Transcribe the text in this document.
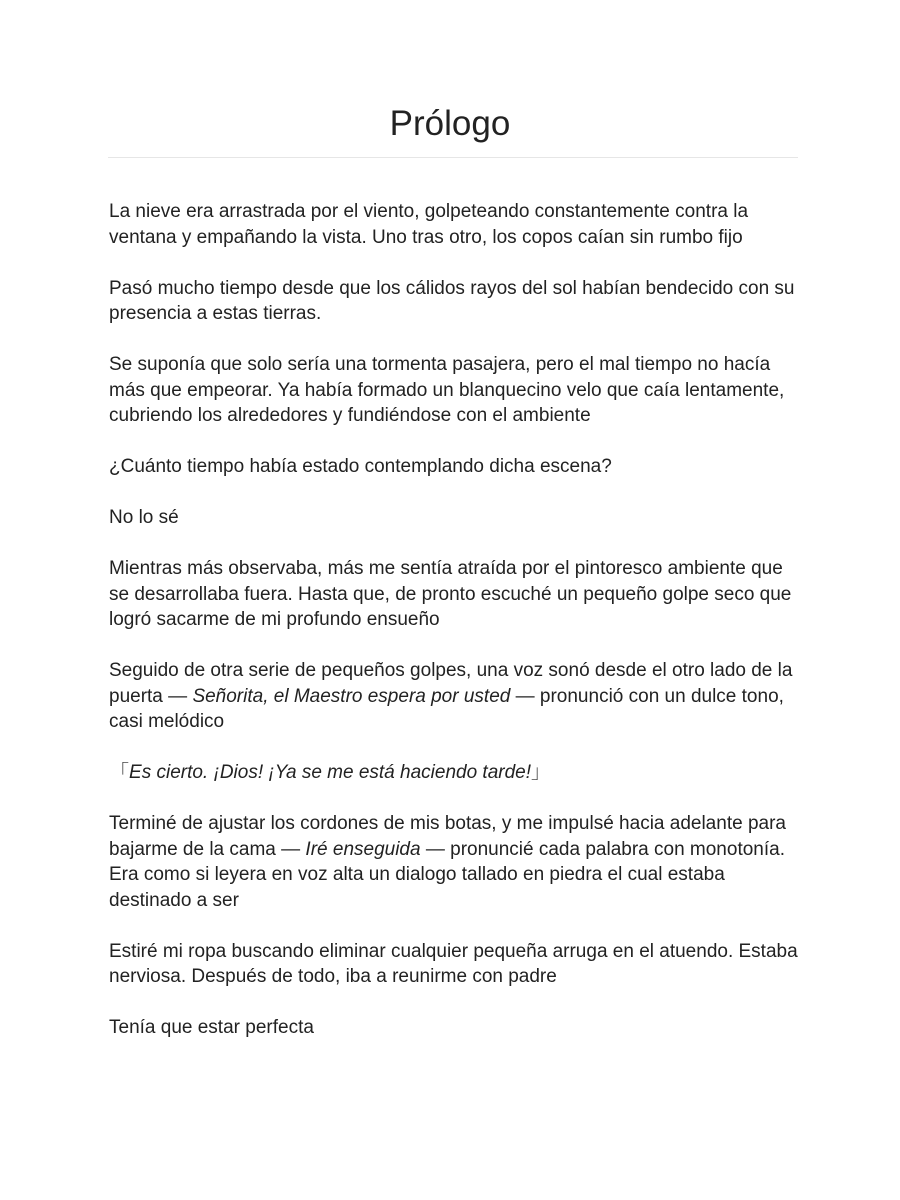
Prólogo

La nieve era arrastrada por el viento, golpeteando constantemente contra la ventana y empañando la vista. Uno tras otro, los copos caían sin rumbo fijo

Pasó mucho tiempo desde que los cálidos rayos del sol habían bendecido con su presencia a estas tierras.

Se suponía que solo sería una tormenta pasajera, pero el mal tiempo no hacía más que empeorar. Ya había formado un blanquecino velo que caía lentamente, cubriendo los alrededores y fundiéndose con el ambiente

¿Cuánto tiempo había estado contemplando dicha escena?

No lo sé

Mientras más observaba, más me sentía atraída por el pintoresco ambiente que se desarrollaba fuera. Hasta que, de pronto escuché un pequeño golpe seco que logró sacarme de mi profundo ensueño

Seguido de otra serie de pequeños golpes, una voz sonó desde el otro lado de la puerta — Señorita, el Maestro espera por usted — pronunció con un dulce tono, casi melódico

「Es cierto. ¡Dios! ¡Ya se me está haciendo tarde!」

Terminé de ajustar los cordones de mis botas, y me impulsé hacia adelante para bajarme de la cama — Iré enseguida — pronuncié cada palabra con monotonía. Era como si leyera en voz alta un dialogo tallado en piedra el cual estaba destinado a ser

Estiré mi ropa buscando eliminar cualquier pequeña arruga en el atuendo. Estaba nerviosa. Después de todo, iba a reunirme con padre

Tenía que estar perfecta
